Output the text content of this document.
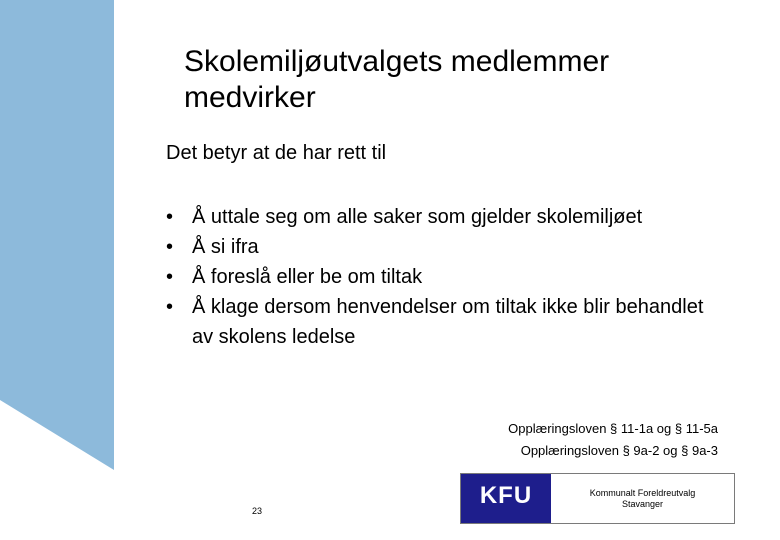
Skolemiljøutvalgets medlemmer
medvirker
Det betyr at de har rett til
• Å uttale seg om alle saker som gjelder skolemiljøet
• Å si ifra
• Å foreslå eller be om tiltak
• Å klage dersom henvendelser om tiltak ikke blir behandlet av skolens ledelse
Opplæringsloven § 11-1a og § 11-5a
Opplæringsloven § 9a-2 og § 9a-3
23
KFU	Kommunalt Foreldreutvalg
Stavanger
